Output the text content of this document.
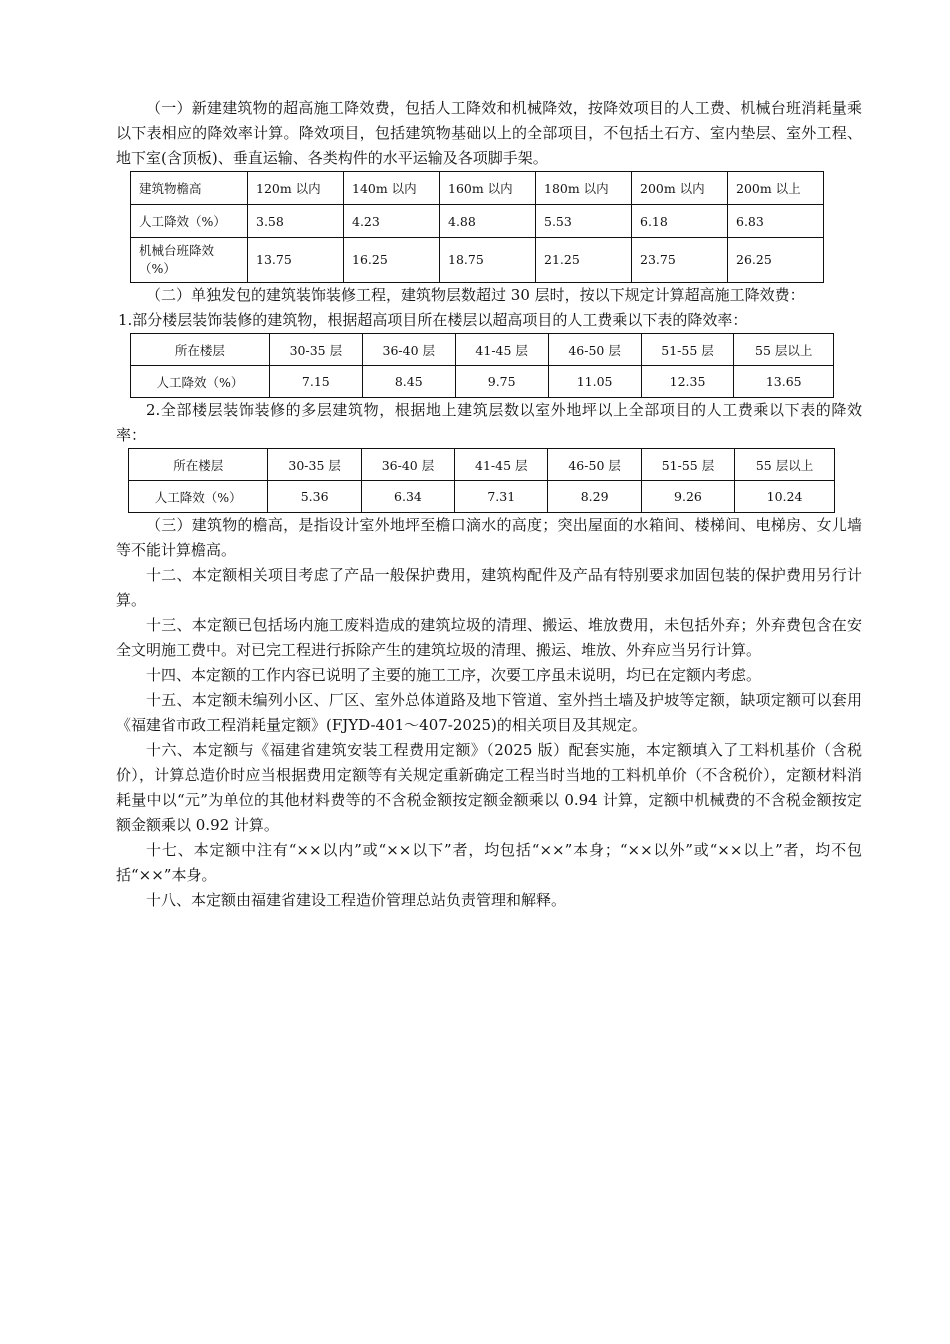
（一）新建建筑物的超高施工降效费，包括人工降效和机械降效，按降效项目的人工费、机械台班消耗量乘以下表相应的降效率计算。降效项目，包括建筑物基础以上的全部项目，不包括土石方、室内垫层、室外工程、地下室(含顶板)、垂直运输、各类构件的水平运输及各项脚手架。

建筑物檐高	120m 以内	140m 以内	160m 以内	180m 以内	200m 以内	200m 以上
人工降效（%）	3.58	4.23	4.88	5.53	6.18	6.83
机械台班降效（%）	13.75	16.25	18.75	21.25	23.75	26.25

（二）单独发包的建筑装饰装修工程，建筑物层数超过 30 层时，按以下规定计算超高施工降效费：

1.部分楼层装饰装修的建筑物，根据超高项目所在楼层以超高项目的人工费乘以下表的降效率：

所在楼层	30-35 层	36-40 层	41-45 层	46-50 层	51-55 层	55 层以上
人工降效（%）	7.15	8.45	9.75	11.05	12.35	13.65

2.全部楼层装饰装修的多层建筑物，根据地上建筑层数以室外地坪以上全部项目的人工费乘以下表的降效率：

所在楼层	30-35 层	36-40 层	41-45 层	46-50 层	51-55 层	55 层以上
人工降效（%）	5.36	6.34	7.31	8.29	9.26	10.24

（三）建筑物的檐高，是指设计室外地坪至檐口滴水的高度；突出屋面的水箱间、楼梯间、电梯房、女儿墙等不能计算檐高。

十二、本定额相关项目考虑了产品一般保护费用，建筑构配件及产品有特别要求加固包装的保护费用另行计算。

十三、本定额已包括场内施工废料造成的建筑垃圾的清理、搬运、堆放费用，未包括外弃；外弃费包含在安全文明施工费中。对已完工程进行拆除产生的建筑垃圾的清理、搬运、堆放、外弃应当另行计算。

十四、本定额的工作内容已说明了主要的施工工序，次要工序虽未说明，均已在定额内考虑。

十五、本定额未编列小区、厂区、室外总体道路及地下管道、室外挡土墙及护坡等定额，缺项定额可以套用《福建省市政工程消耗量定额》(FJYD-401～407-2025)的相关项目及其规定。

十六、本定额与《福建省建筑安装工程费用定额》（2025 版）配套实施，本定额填入了工料机基价（含税价），计算总造价时应当根据费用定额等有关规定重新确定工程当时当地的工料机单价（不含税价），定额材料消耗量中以“元”为单位的其他材料费等的不含税金额按定额金额乘以 0.94 计算，定额中机械费的不含税金额按定额金额乘以 0.92 计算。

十七、本定额中注有“××以内”或“××以下”者，均包括“××”本身；“××以外”或“××以上”者，均不包括“××”本身。

十八、本定额由福建省建设工程造价管理总站负责管理和解释。
